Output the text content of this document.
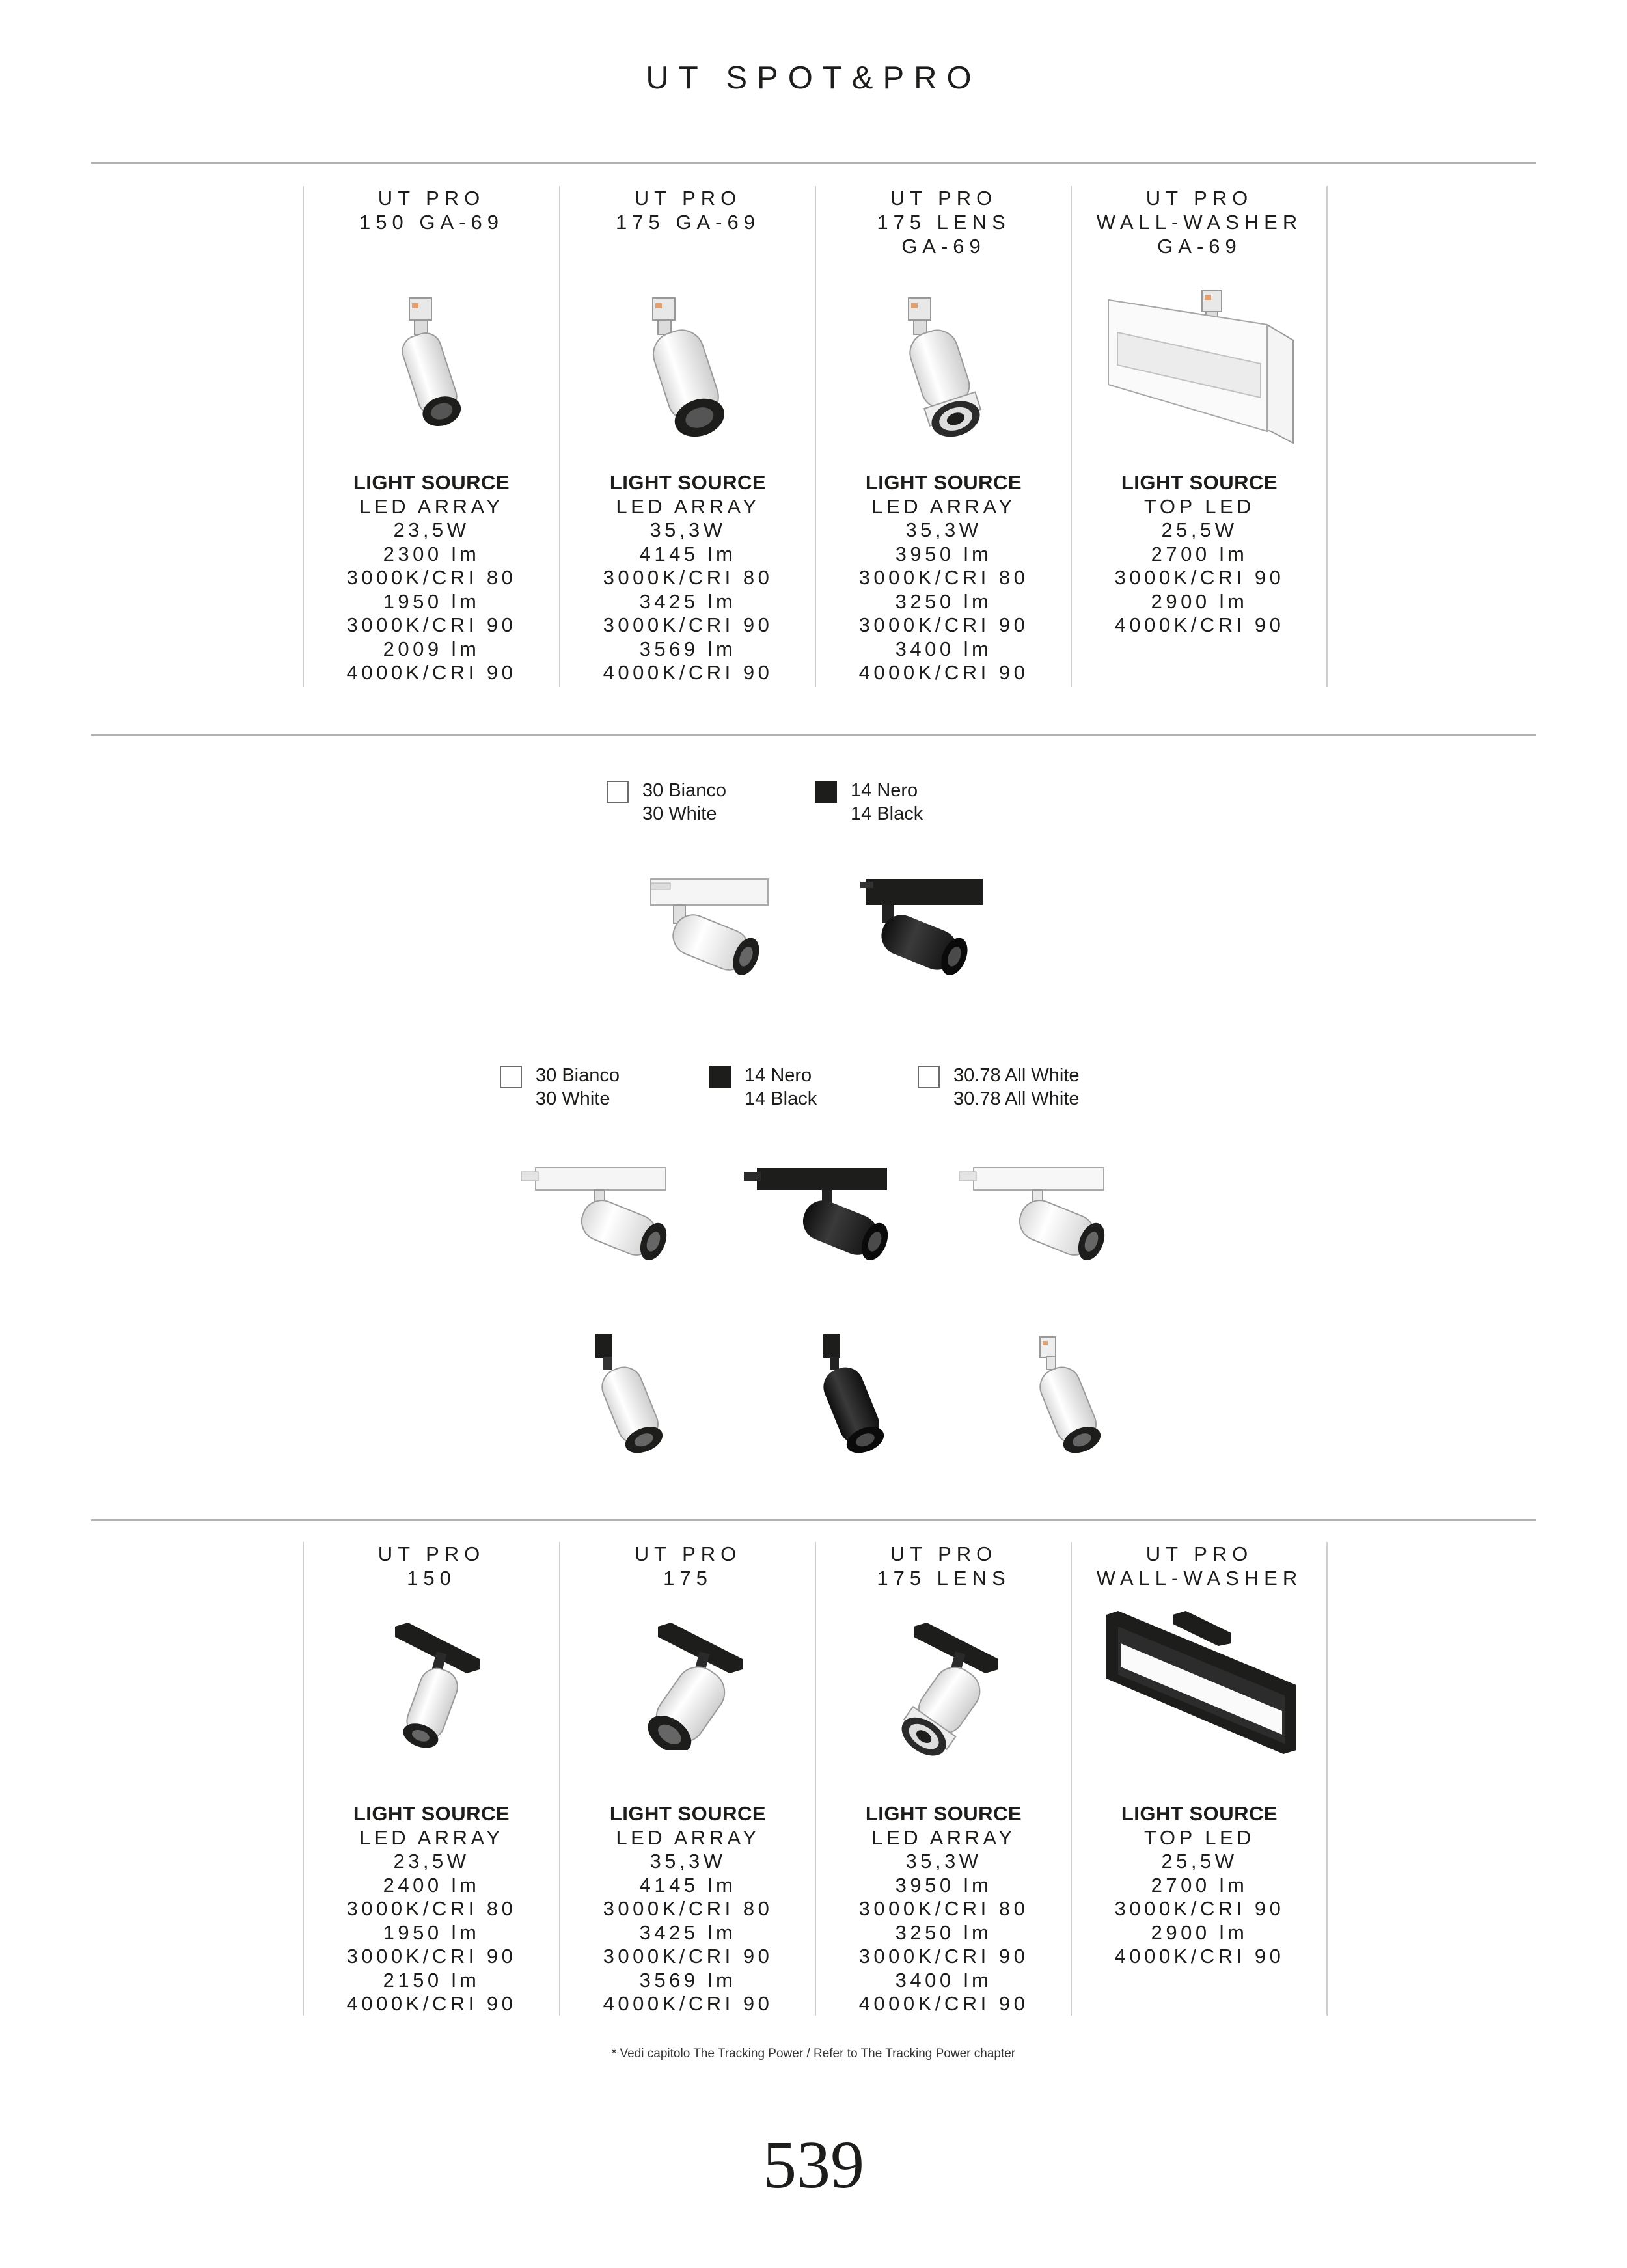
UT SPOT&PRO
UT PRO
150 GA-69
LIGHT SOURCE
LED ARRAY
23,5W
2300 lm
3000K/CRI 80
1950 lm
3000K/CRI 90
2009 lm
4000K/CRI 90
UT PRO
175 GA-69
LIGHT SOURCE
LED ARRAY
35,3W
4145 lm
3000K/CRI 80
3425 lm
3000K/CRI 90
3569 lm
4000K/CRI 90
UT PRO
175 LENS
GA-69
LIGHT SOURCE
LED ARRAY
35,3W
3950 lm
3000K/CRI 80
3250 lm
3000K/CRI 90
3400 lm
4000K/CRI 90
UT PRO
WALL-WASHER
GA-69
LIGHT SOURCE
TOP LED
25,5W
2700 lm
3000K/CRI 90
2900 lm
4000K/CRI 90
30 Bianco
30 White
14 Nero
14 Black
30 Bianco
30 White
14 Nero
14 Black
30.78 All White
30.78 All White
UT PRO
150
LIGHT SOURCE
LED ARRAY
23,5W
2400 lm
3000K/CRI 80
1950 lm
3000K/CRI 90
2150 lm
4000K/CRI 90
UT PRO
175
LIGHT SOURCE
LED ARRAY
35,3W
4145 lm
3000K/CRI 80
3425 lm
3000K/CRI 90
3569 lm
4000K/CRI 90
UT PRO
175 LENS
LIGHT SOURCE
LED ARRAY
35,3W
3950 lm
3000K/CRI 80
3250 lm
3000K/CRI 90
3400 lm
4000K/CRI 90
UT PRO
WALL-WASHER
LIGHT SOURCE
TOP LED
25,5W
2700 lm
3000K/CRI 90
2900 lm
4000K/CRI 90
* Vedi capitolo The Tracking Power / Refer to The Tracking Power chapter
539
